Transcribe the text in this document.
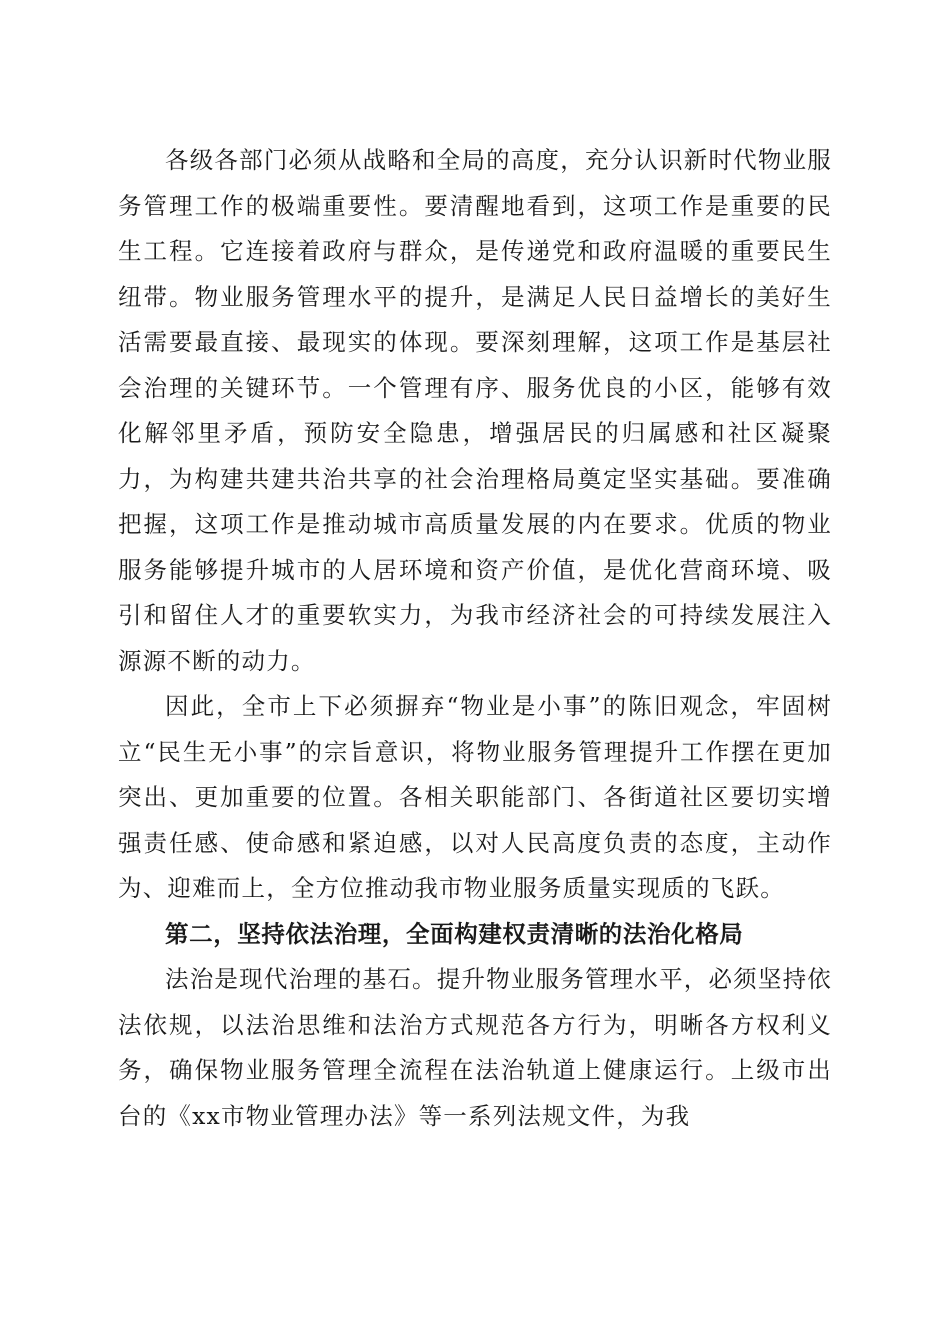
各级各部门必须从战略和全局的高度，充分认识新时代物业服务管理工作的极端重要性。要清醒地看到，这项工作是重要的民生工程。它连接着政府与群众，是传递党和政府温暖的重要民生纽带。物业服务管理水平的提升，是满足人民日益增长的美好生活需要最直接、最现实的体现。要深刻理解，这项工作是基层社会治理的关键环节。一个管理有序、服务优良的小区，能够有效化解邻里矛盾，预防安全隐患，增强居民的归属感和社区凝聚力，为构建共建共治共享的社会治理格局奠定坚实基础。要准确把握，这项工作是推动城市高质量发展的内在要求。优质的物业服务能够提升城市的人居环境和资产价值，是优化营商环境、吸引和留住人才的重要软实力，为我市经济社会的可持续发展注入源源不断的动力。

因此，全市上下必须摒弃“物业是小事”的陈旧观念，牢固树立“民生无小事”的宗旨意识，将物业服务管理提升工作摆在更加突出、更加重要的位置。各相关职能部门、各街道社区要切实增强责任感、使命感和紧迫感，以对人民高度负责的态度，主动作为、迎难而上，全方位推动我市物业服务质量实现质的飞跃。

第二，坚持依法治理，全面构建权责清晰的法治化格局

法治是现代治理的基石。提升物业服务管理水平，必须坚持依法依规，以法治思维和法治方式规范各方行为，明晰各方权利义务，确保物业服务管理全流程在法治轨道上健康运行。上级市出台的《xx市物业管理办法》等一系列法规文件，为我
